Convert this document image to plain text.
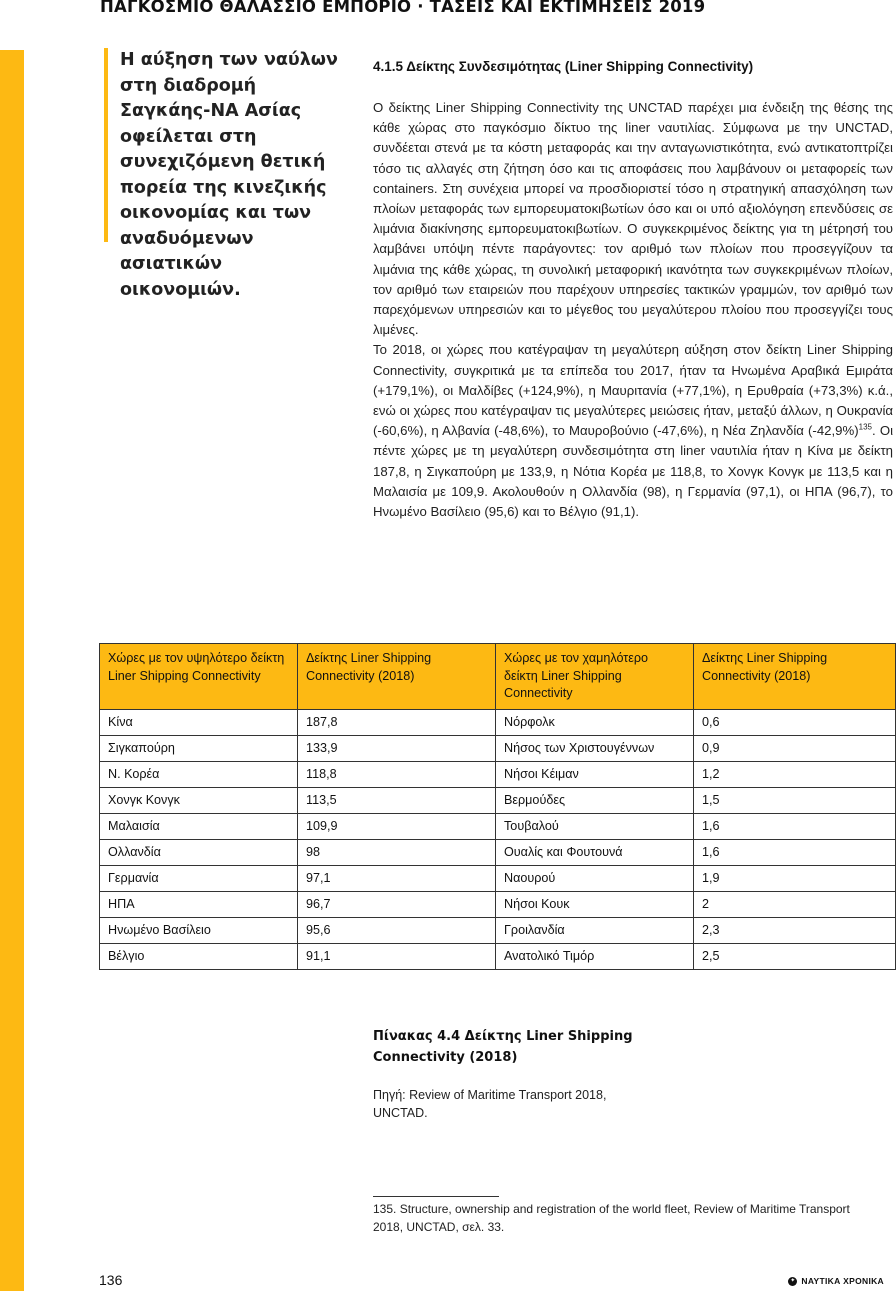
ΠΑΓΚΟΣΜΙΟ ΘΑΛΑΣΣΙΟ ΕΜΠΟΡΙΟ · ΤΑΣΕΙΣ ΚΑΙ ΕΚΤΙΜΗΣΕΙΣ 2019
Η αύξηση των ναύλων στη διαδρομή Σαγκάης-ΝΑ Ασίας οφείλεται στη συνεχιζόμενη θετική πορεία της κινεζικής οικονομίας και των αναδυόμενων ασιατικών οικονομιών.
4.1.5 Δείκτης Συνδεσιμότητας (Liner Shipping Connectivity)

Ο δείκτης Liner Shipping Connectivity της UNCTAD παρέχει μια ένδειξη της θέσης της κάθε χώρας στο παγκόσμιο δίκτυο της liner ναυτιλίας. Σύμφωνα με την UNCTAD, συνδέεται στενά με τα κόστη μεταφοράς και την ανταγωνιστικότητα, ενώ αντικατοπτρίζει τόσο τις αλλαγές στη ζήτηση όσο και τις αποφάσεις που λαμβάνουν οι μεταφορείς των containers. Στη συνέχεια μπορεί να προσδιοριστεί τόσο η στρατηγική απασχόληση των πλοίων μεταφοράς των εμπορευματοκιβωτίων όσο και οι υπό αξιολόγηση επενδύσεις σε λιμάνια διακίνησης εμπορευματοκιβωτίων. Ο συγκεκριμένος δείκτης για τη μέτρησή του λαμβάνει υπόψη πέντε παράγοντες: τον αριθμό των πλοίων που προσεγγίζουν τα λιμάνια της κάθε χώρας, τη συνολική μεταφορική ικανότητα των συγκεκριμένων πλοίων, τον αριθμό των εταιρειών που παρέχουν υπηρεσίες τακτικών γραμμών, τον αριθμό των παρεχόμενων υπηρεσιών και το μέγεθος του μεγαλύτερου πλοίου που προσεγγίζει τους λιμένες.

Το 2018, οι χώρες που κατέγραψαν τη μεγαλύτερη αύξηση στον δείκτη Liner Shipping Connectivity, συγκριτικά με τα επίπεδα του 2017, ήταν τα Ηνωμένα Αραβικά Εμιράτα (+179,1%), οι Μαλδίβες (+124,9%), η Μαυριτανία (+77,1%), η Ερυθραία (+73,3%) κ.ά., ενώ οι χώρες που κατέγραψαν τις μεγαλύτερες μειώσεις ήταν, μεταξύ άλλων, η Ουκρανία (-60,6%), η Αλβανία (-48,6%), το Μαυροβούνιο (-47,6%), η Νέα Ζηλανδία $(-42,9\%)^{135}$. Οι πέντε χώρες με τη μεγαλύτερη συνδεσιμότητα στη liner ναυτιλία ήταν η Κίνα με δείκτη 187,8, η Σιγκαπούρη με 133,9, η Νότια Κορέα με 118,8, το Χονγκ Κονγκ με 113,5 και η Μαλαισία με 109,9. Ακολουθούν η Ολλανδία (98), η Γερμανία (97,1), οι ΗΠΑ (96,7), το Ηνωμένο Βασίλειο (95,6) και το Βέλγιο (91,1).

Χώρες με τον υψηλότερο δείκτη Liner Shipping Connectivity	Δείκτης Liner Shipping Connectivity (2018)	Χώρες με τον χαμηλότερο δείκτη Liner Shipping Connectivity	Δείκτης Liner Shipping Connectivity (2018)
Κίνα	187,8	Νόρφολκ	0,6
Σιγκαπούρη	133,9	Νήσος των Χριστουγέννων	0,9
Ν. Κορέα	118,8	Νήσοι Κέιμαν	1,2
Χονγκ Κονγκ	113,5	Βερμούδες	1,5
Μαλαισία	109,9	Τουβαλού	1,6
Ολλανδία	98	Ουαλίς και Φουτουνά	1,6
Γερμανία	97,1	Ναουρού	1,9
ΗΠΑ	96,7	Νήσοι Κουκ	2
Ηνωμένο Βασίλειο	95,6	Γροιλανδία	2,3
Βέλγιο	91,1	Ανατολικό Τιμόρ	2,5
Πίνακας 4.4 Δείκτης Liner Shipping Connectivity (2018)
Πηγή: Review of Maritime Transport 2018, UNCTAD.
135. Structure, ownership and registration of the world fleet, Review of Maritime Transport 2018, UNCTAD, σελ. 33.
136	✦ ΝΑΥΤΙΚΑ ΧΡΟΝΙΚΑ
